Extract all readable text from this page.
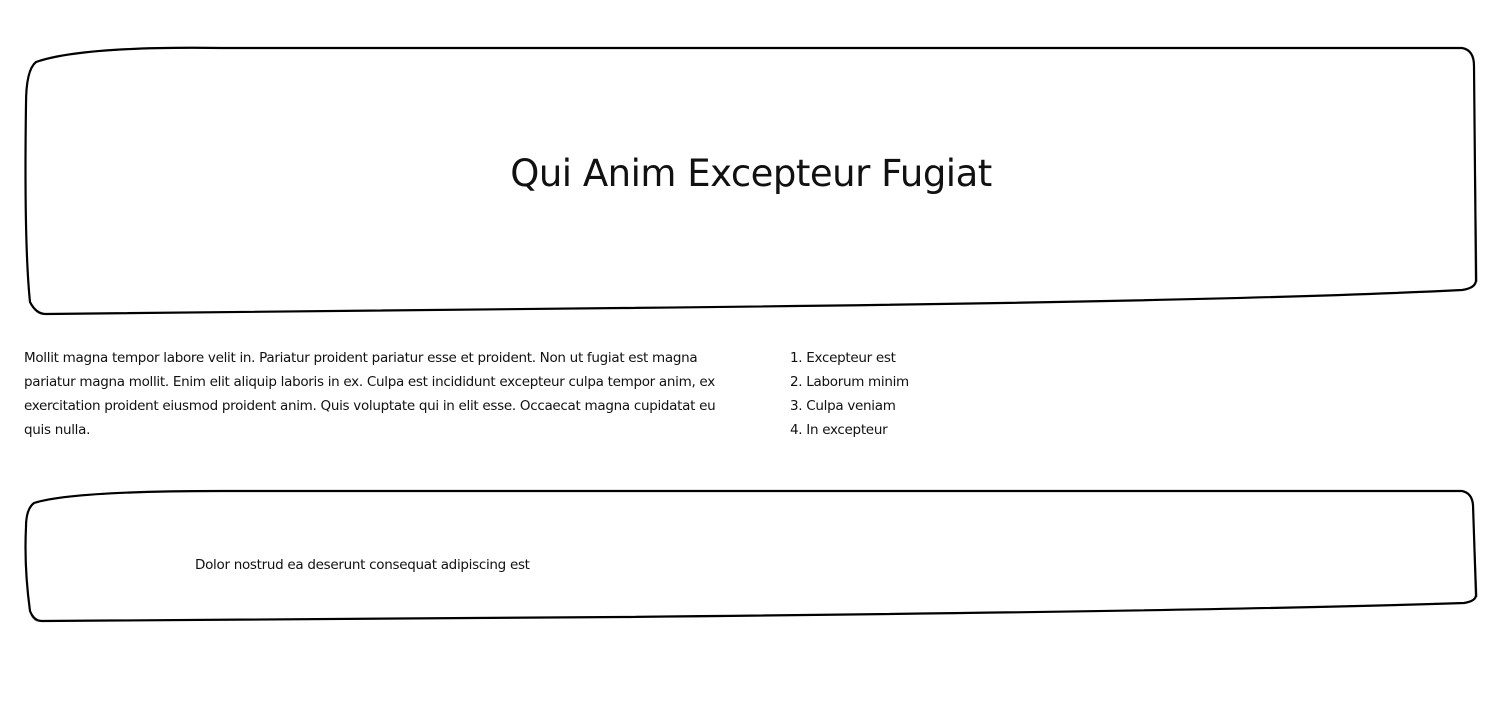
Qui Anim Excepteur Fugiat

Mollit magna tempor labore velit in. Pariatur proident pariatur esse et proident. Non ut fugiat est magna pariatur magna mollit. Enim elit aliquip laboris in ex. Culpa est incididunt excepteur culpa tempor anim, ex exercitation proident eiusmod proident anim. Quis voluptate qui in elit esse. Occaecat magna cupidatat eu quis nulla.

1. Excepteur est
2. Laborum minim
3. Culpa veniam
4. In excepteur

Dolor nostrud ea deserunt consequat adipiscing est
